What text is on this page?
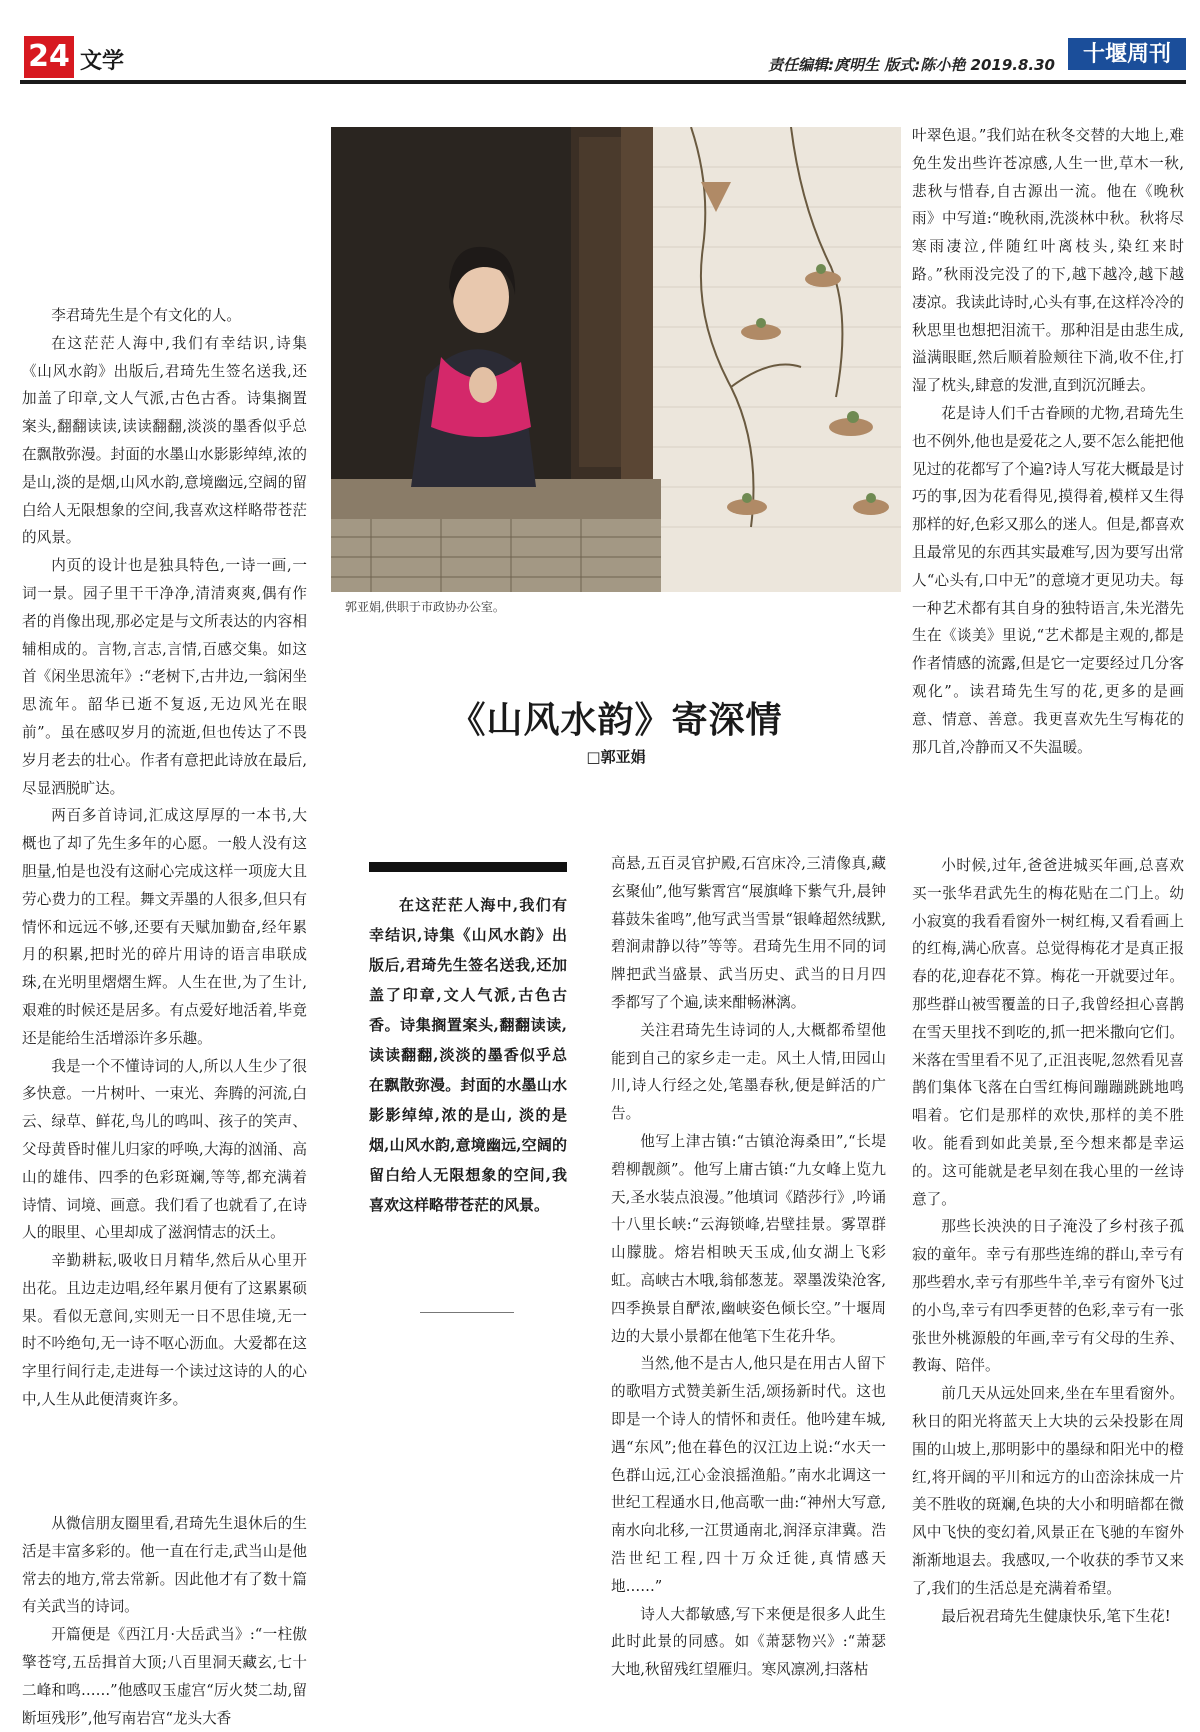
24 文学	责任编辑:庹明生 版式:陈小艳 2019.8.30	十堰周刊
郭亚娟,供职于市政协办公室。
《山风水韵》寄深情
□郭亚娟

在这茫茫人海中,我们有幸结识,诗集《山风水韵》出版后,君琦先生签名送我,还加盖了印章,文人气派,古色古香。诗集搁置案头,翻翻读读,读读翻翻,淡淡的墨香似乎总在飘散弥漫。封面的水墨山水影影绰绰,浓的是山, 淡的是烟,山风水韵,意境幽远,空阔的留白给人无限想象的空间,我喜欢这样略带苍茫的风景。

李君琦先生是个有文化的人。

在这茫茫人海中,我们有幸结识,诗集《山风水韵》出版后,君琦先生签名送我,还加盖了印章,文人气派,古色古香。诗集搁置案头,翻翻读读,读读翻翻,淡淡的墨香似乎总在飘散弥漫。封面的水墨山水影影绰绰,浓的是山,淡的是烟,山风水韵,意境幽远,空阔的留白给人无限想象的空间,我喜欢这样略带苍茫的风景。

内页的设计也是独具特色,一诗一画,一词一景。园子里干干净净,清清爽爽,偶有作者的肖像出现,那必定是与文所表达的内容相辅相成的。言物,言志,言情,百感交集。如这首《闲坐思流年》:“老树下,古井边,一翁闲坐思流年。韶华已逝不复返,无边风光在眼前”。虽在感叹岁月的流逝,但也传达了不畏岁月老去的壮心。作者有意把此诗放在最后,尽显洒脱旷达。

两百多首诗词,汇成这厚厚的一本书,大概也了却了先生多年的心愿。一般人没有这胆量,怕是也没有这耐心完成这样一项庞大且劳心费力的工程。舞文弄墨的人很多,但只有情怀和远远不够,还要有天赋加勤奋,经年累月的积累,把时光的碎片用诗的语言串联成珠,在光明里熠熠生辉。人生在世,为了生计,艰难的时候还是居多。有点爱好地活着,毕竟还是能给生活增添许多乐趣。

我是一个不懂诗词的人,所以人生少了很多快意。一片树叶、一束光、奔腾的河流,白云、绿草、鲜花,鸟儿的鸣叫、孩子的笑声、父母黄昏时催儿归家的呼唤,大海的汹涌、高山的雄伟、四季的色彩斑斓,等等,都充满着诗情、词境、画意。我们看了也就看了,在诗人的眼里、心里却成了滋润情志的沃土。

辛勤耕耘,吸收日月精华,然后从心里开出花。且边走边唱,经年累月便有了这累累硕果。看似无意间,实则无一日不思佳境,无一时不吟绝句,无一诗不呕心沥血。大爱都在这字里行间行走,走进每一个读过这诗的人的心中,人生从此便清爽许多。

从微信朋友圈里看,君琦先生退休后的生活是丰富多彩的。他一直在行走,武当山是他常去的地方,常去常新。因此他才有了数十篇有关武当的诗词。

开篇便是《西江月·大岳武当》:“一柱傲擎苍穹,五岳揖首大顶;八百里洞天藏玄,七十二峰和鸣……”他感叹玉虚宫“厉火焚二劫,留断垣残形”,他写南岩宫“龙头大香

高悬,五百灵官护殿,石宫床冷,三清像真,藏玄聚仙”,他写紫霄宫“展旗峰下紫气升,晨钟暮鼓朱雀鸣”,他写武当雪景“银峰超然绒默,碧涧肃静以待”等等。君琦先生用不同的词牌把武当盛景、武当历史、武当的日月四季都写了个遍,读来酣畅淋漓。

关注君琦先生诗词的人,大概都希望他能到自己的家乡走一走。风土人情,田园山川,诗人行经之处,笔墨春秋,便是鲜活的广告。

他写上津古镇:“古镇沧海桑田”,“长堤碧柳靓颜”。他写上庸古镇:“九女峰上览九天,圣水装点浪漫。”他填词《踏莎行》,吟诵十八里长峡:“云海锁峰,岩壁挂景。雾罩群山朦胧。熔岩相映天玉成,仙女湖上飞彩虹。高峡古木哦,翁郁葱茏。翠墨泼染沧客,四季换景自酽浓,幽峡姿色倾长空。”十堰周边的大景小景都在他笔下生花升华。

当然,他不是古人,他只是在用古人留下的歌唱方式赞美新生活,颂扬新时代。这也即是一个诗人的情怀和责任。他吟建车城,遇“东风”;他在暮色的汉江边上说:“水天一色群山远,江心金浪摇渔船。”南水北调这一世纪工程通水日,他高歌一曲:“神州大写意,南水向北移,一江贯通南北,润泽京津冀。浩浩世纪工程,四十万众迁徙,真情感天地……”

诗人大都敏感,写下来便是很多人此生此时此景的同感。如《萧瑟物兴》:“萧瑟大地,秋留残红望雁归。寒风凛冽,扫落枯

叶翠色退。”我们站在秋冬交替的大地上,难免生发出些许苍凉感,人生一世,草木一秋,悲秋与惜春,自古源出一流。他在《晚秋雨》中写道:“晚秋雨,洗淡林中秋。秋将尽寒雨凄泣,伴随红叶离枝头,染红来时路。”秋雨没完没了的下,越下越冷,越下越凄凉。我读此诗时,心头有事,在这样冷冷的秋思里也想把泪流干。那种泪是由悲生成,溢满眼眶,然后顺着脸颊往下淌,收不住,打湿了枕头,肆意的发泄,直到沉沉睡去。

花是诗人们千古眷顾的尤物,君琦先生也不例外,他也是爱花之人,要不怎么能把他见过的花都写了个遍?诗人写花大概最是讨巧的事,因为花看得见,摸得着,模样又生得那样的好,色彩又那么的迷人。但是,都喜欢且最常见的东西其实最难写,因为要写出常人“心头有,口中无”的意境才更见功夫。每一种艺术都有其自身的独特语言,朱光潜先生在《谈美》里说,“艺术都是主观的,都是作者情感的流露,但是它一定要经过几分客观化”。读君琦先生写的花,更多的是画意、情意、善意。我更喜欢先生写梅花的那几首,冷静而又不失温暖。

小时候,过年,爸爸进城买年画,总喜欢买一张华君武先生的梅花贴在二门上。幼小寂寞的我看看窗外一树红梅,又看看画上的红梅,满心欣喜。总觉得梅花才是真正报春的花,迎春花不算。梅花一开就要过年。那些群山被雪覆盖的日子,我曾经担心喜鹊在雪天里找不到吃的,抓一把米撒向它们。米落在雪里看不见了,正沮丧呢,忽然看见喜鹊们集体飞落在白雪红梅间蹦蹦跳跳地鸣唱着。它们是那样的欢快,那样的美不胜收。能看到如此美景,至今想来都是幸运的。这可能就是老早刻在我心里的一丝诗意了。

那些长泱泱的日子淹没了乡村孩子孤寂的童年。幸亏有那些连绵的群山,幸亏有那些碧水,幸亏有那些牛羊,幸亏有窗外飞过的小鸟,幸亏有四季更替的色彩,幸亏有一张张世外桃源般的年画,幸亏有父母的生养、教诲、陪伴。

前几天从远处回来,坐在车里看窗外。秋日的阳光将蓝天上大块的云朵投影在周围的山坡上,那明影中的墨绿和阳光中的橙红,将开阔的平川和远方的山峦涂抹成一片美不胜收的斑斓,色块的大小和明暗都在微风中飞快的变幻着,风景正在飞驰的车窗外渐渐地退去。我感叹,一个收获的季节又来了,我们的生活总是充满着希望。

最后祝君琦先生健康快乐,笔下生花!
